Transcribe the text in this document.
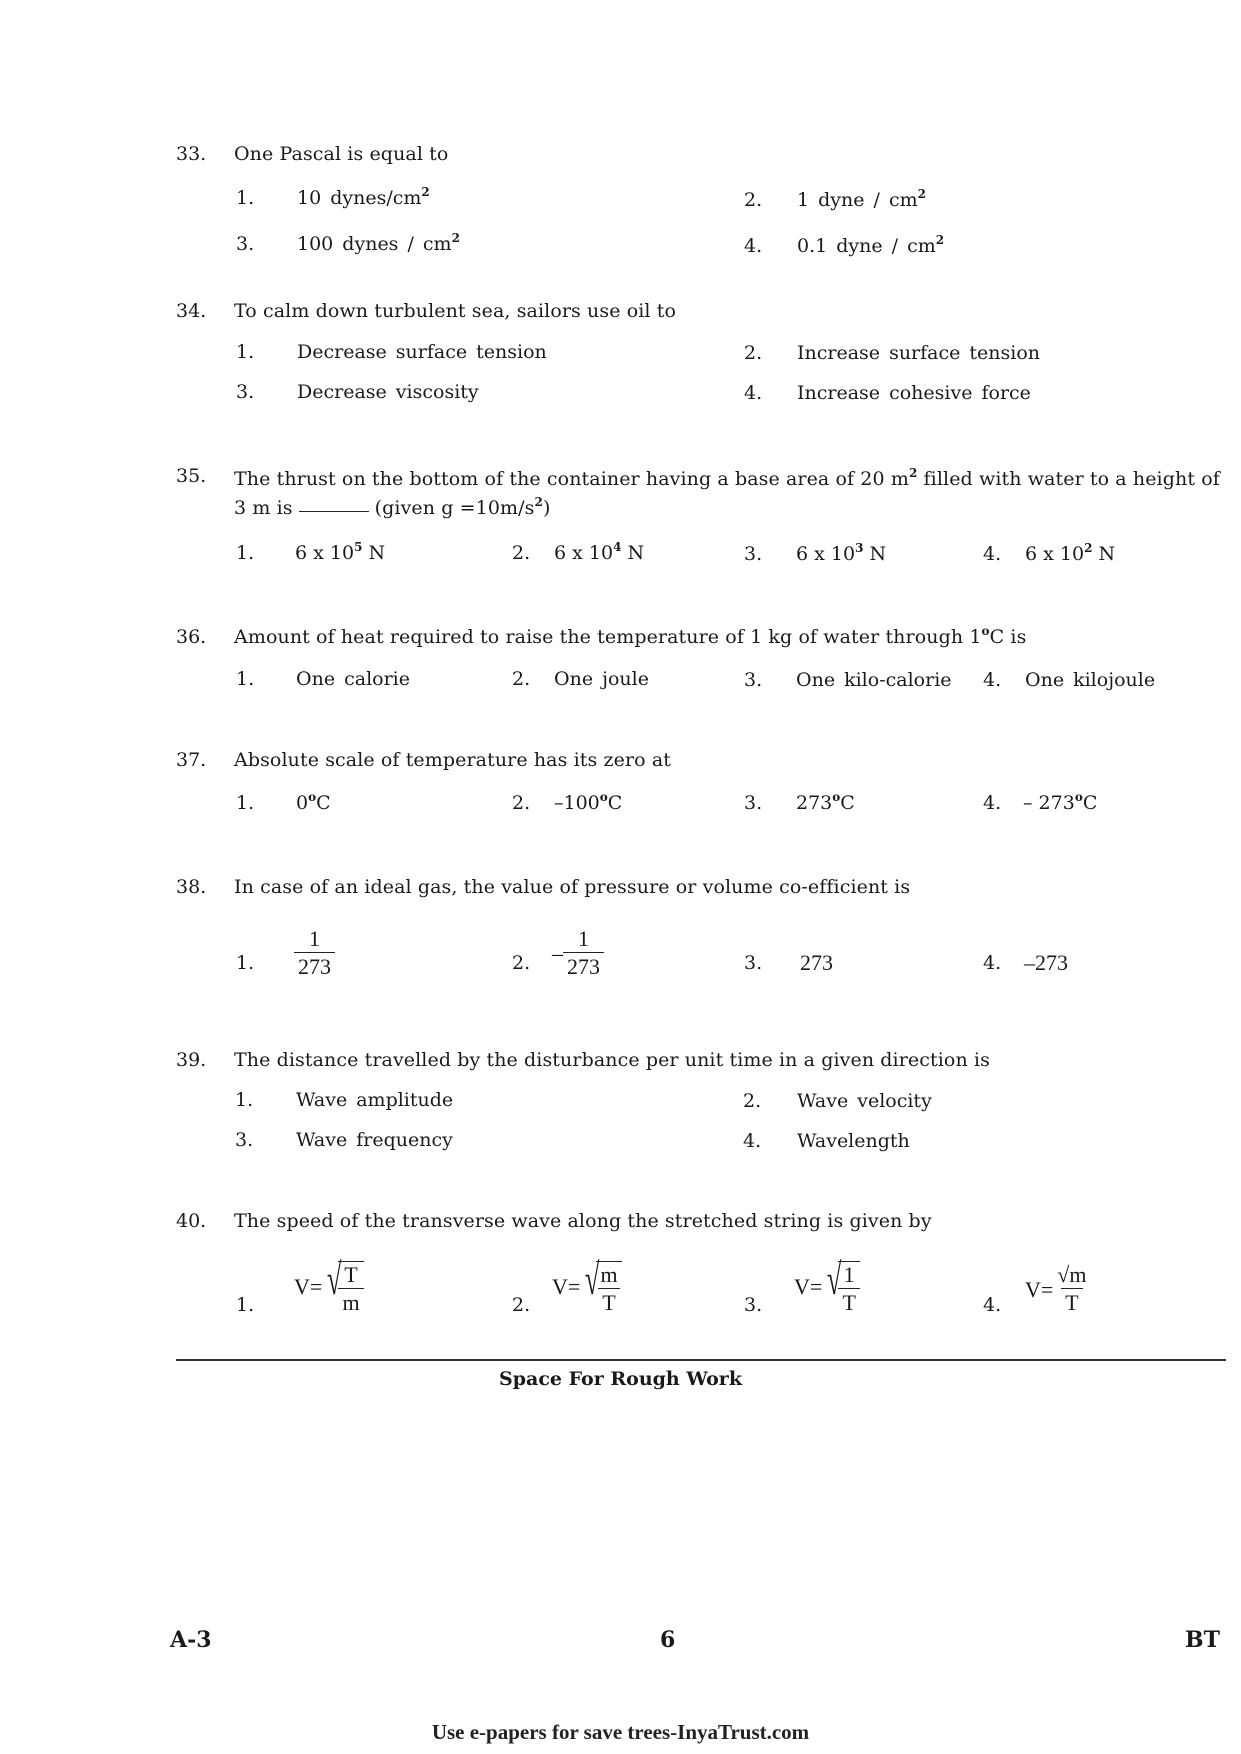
33. One Pascal is equal to
1. 10 dynes/$cm^2$	2. 1 dyne / $cm^2$
3. 100 dynes / $cm^2$	4. 0.1 dyne / $cm^2$
34. To calm down turbulent sea, sailors use oil to
1. Decrease surface tension	2. Increase surface tension
3. Decrease viscosity	4. Increase cohesive force
35. The thrust on the bottom of the container having a base area of 20 $m^2$ filled with water to a height of 3 m is	(given $g =10m/s^2$)
1. 6 x $10^5$ N	2. 6 x $10^4$ N	3. 6 x $10^3$ N	4. 6 x $10^2$ N
36. Amount of heat required to raise the temperature of 1 kg of water through 1$^o$C is
1. One calorie	2. One joule	3. One kilo-calorie 4. One kilojoule
37. Absolute scale of temperature has its zero at
1. 0$^o$C	2. –100$^o$C	3. 273$^o$C	4. – 273$^o$C
38. In case of an ideal gas, the value of pressure or volume co-efficient is
1. $\frac{1}{273}$	2. – $\frac{1}{273}$	3. 273	4. –273
39. The distance travelled by the disturbance per unit time in a given direction is
1. Wave amplitude	2. Wave velocity
3. Wave frequency	4. Wavelength
40. The speed of the transverse wave along the stretched string is given by
1.
V= √
$\frac{T}{m}$	2.
V= √
$\frac{m}{T}$	3.
V= √
$\frac{1}{T}$	4.
$V= \frac{√m}{T}$
Space For Rough Work
A-3	6	BT
Use e-papers for save trees-InyaTrust.com
